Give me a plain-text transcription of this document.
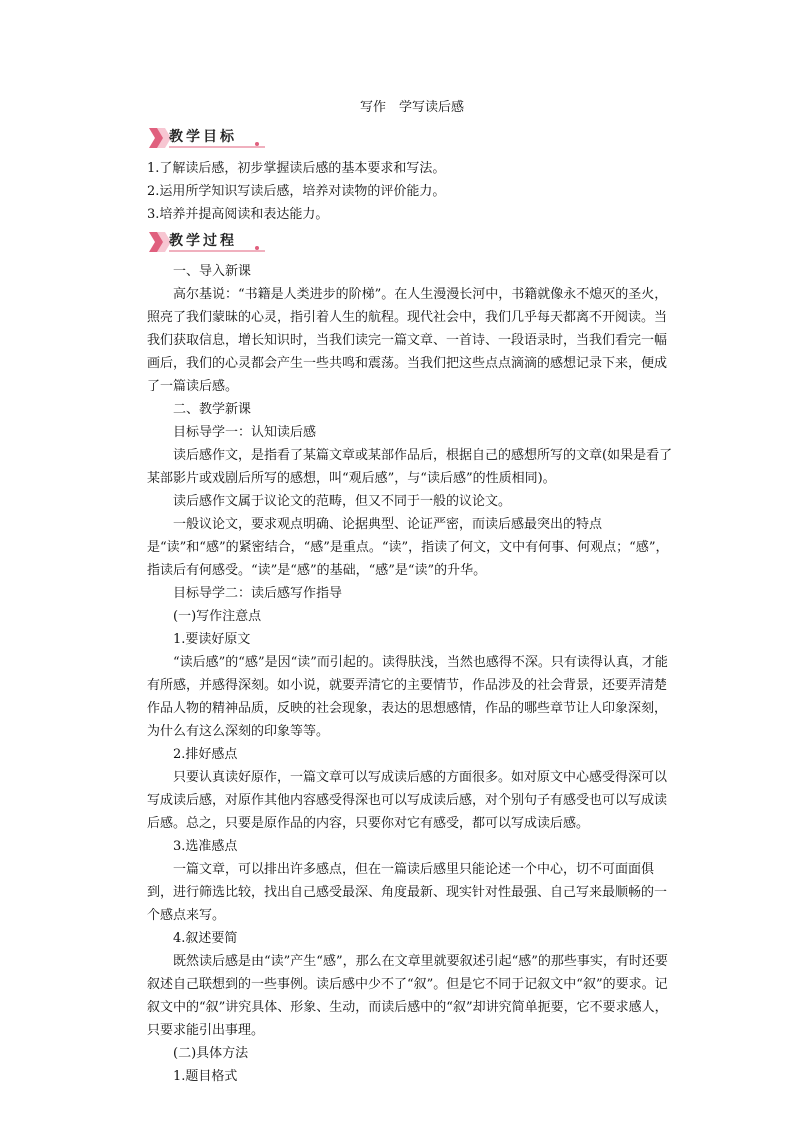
写作　学写读后感
教学目标
1.了解读后感，初步掌握读后感的基本要求和写法。
2.运用所学知识写读后感，培养对读物的评价能力。
3.培养并提高阅读和表达能力。
教学过程
一、导入新课
高尔基说：“书籍是人类进步的阶梯”。在人生漫漫长河中，书籍就像永不熄灭的圣火，照亮了我们蒙昧的心灵，指引着人生的航程。现代社会中，我们几乎每天都离不开阅读。当我们获取信息，增长知识时，当我们读完一篇文章、一首诗、一段语录时，当我们看完一幅画后，我们的心灵都会产生一些共鸣和震荡。当我们把这些点点滴滴的感想记录下来，便成了一篇读后感。
二、教学新课
目标导学一：认知读后感
读后感作文，是指看了某篇文章或某部作品后，根据自己的感想所写的文章(如果是看了某部影片或戏剧后所写的感想，叫“观后感”，与“读后感”的性质相同)。
读后感作文属于议论文的范畴，但又不同于一般的议论文。
一般议论文，要求观点明确、论据典型、论证严密，而读后感最突出的特点是“读”和“感”的紧密结合，“感”是重点。“读”，指读了何文，文中有何事、何观点；“感”，指读后有何感受。“读”是“感”的基础，“感”是“读”的升华。
目标导学二：读后感写作指导
(一)写作注意点
1.要读好原文
“读后感”的“感”是因“读”而引起的。读得肤浅，当然也感得不深。只有读得认真，才能有所感，并感得深刻。如小说，就要弄清它的主要情节，作品涉及的社会背景，还要弄清楚作品人物的精神品质，反映的社会现象，表达的思想感情，作品的哪些章节让人印象深刻，为什么有这么深刻的印象等等。
2.排好感点
只要认真读好原作，一篇文章可以写成读后感的方面很多。如对原文中心感受得深可以写成读后感，对原作其他内容感受得深也可以写成读后感，对个别句子有感受也可以写成读后感。总之，只要是原作品的内容，只要你对它有感受，都可以写成读后感。
3.选准感点
一篇文章，可以排出许多感点，但在一篇读后感里只能论述一个中心，切不可面面俱到，进行筛选比较，找出自己感受最深、角度最新、现实针对性最强、自己写来最顺畅的一个感点来写。
4.叙述要简
既然读后感是由“读”产生“感”，那么在文章里就要叙述引起“感”的那些事实，有时还要叙述自己联想到的一些事例。读后感中少不了“叙”。但是它不同于记叙文中“叙”的要求。记叙文中的“叙”讲究具体、形象、生动，而读后感中的“叙”却讲究简单扼要，它不要求感人，只要求能引出事理。
(二)具体方法
1.题目格式
